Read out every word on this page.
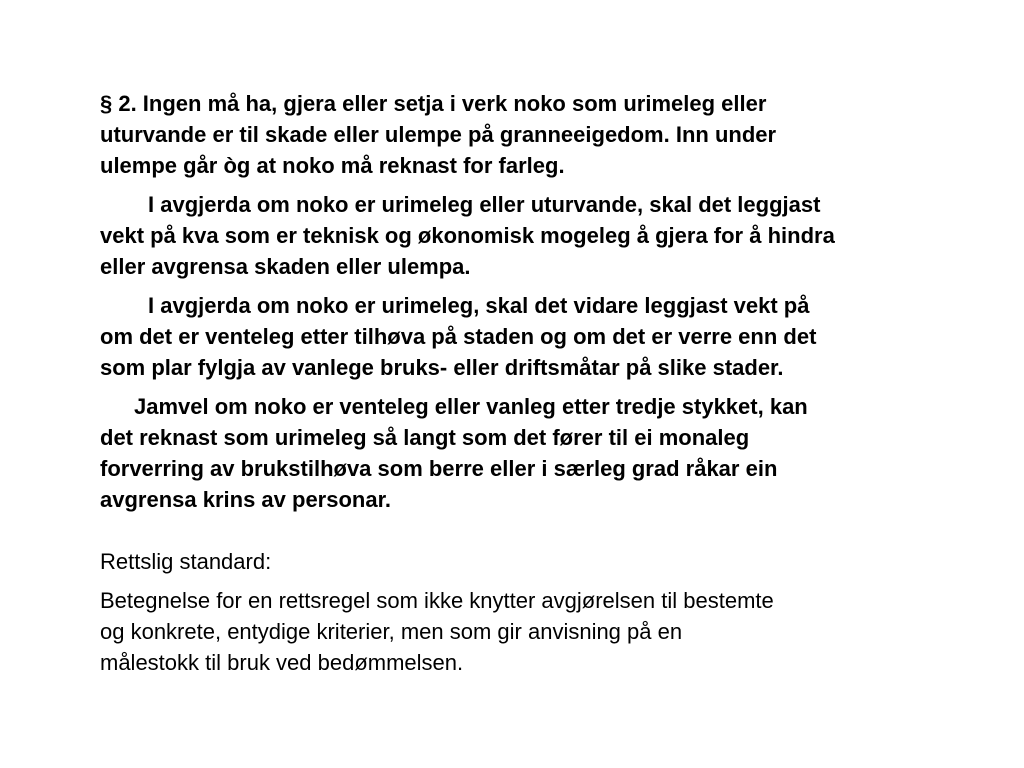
§ 2. Ingen må ha, gjera eller setja i verk noko som urimeleg eller
uturvande er til skade eller ulempe på granneeigedom. Inn under
ulempe går òg at noko må reknast for farleg.

I avgjerda om noko er urimeleg eller uturvande, skal det leggjast
vekt på kva som er teknisk og økonomisk mogeleg å gjera for å hindra
eller avgrensa skaden eller ulempa.

I avgjerda om noko er urimeleg, skal det vidare leggjast vekt på
om det er venteleg etter tilhøva på staden og om det er verre enn det
som plar fylgja av vanlege bruks- eller driftsmåtar på slike stader.

Jamvel om noko er venteleg eller vanleg etter tredje stykket, kan
det reknast som urimeleg så langt som det fører til ei monaleg
forverring av brukstilhøva som berre eller i særleg grad råkar ein
avgrensa krins av personar.

Rettslig standard:

Betegnelse for en rettsregel som ikke knytter avgjørelsen til bestemte
og konkrete, entydige kriterier, men som gir anvisning på en
målestokk til bruk ved bedømmelsen.
